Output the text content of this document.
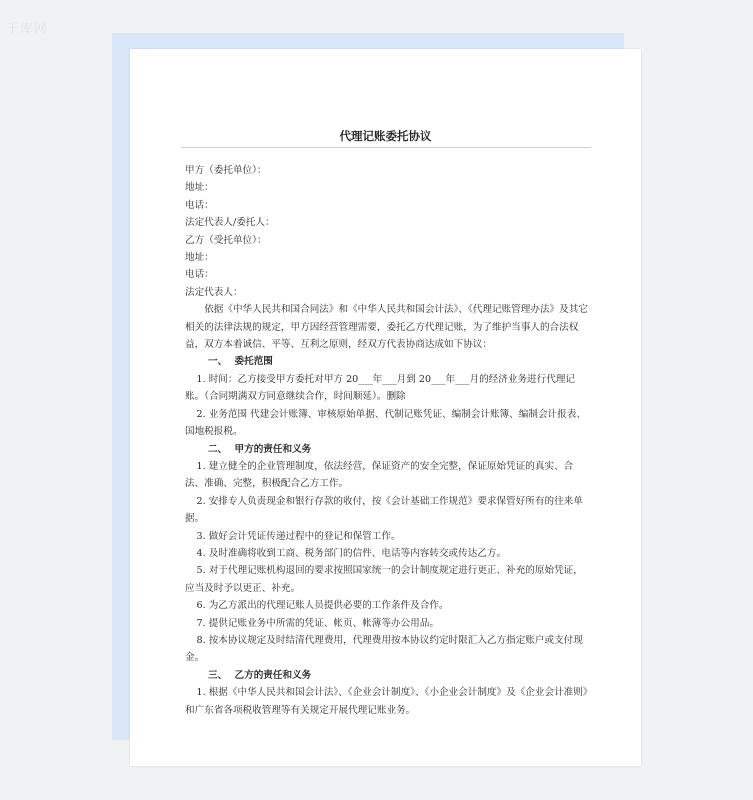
千库网
代理记账委托协议

甲方（委托单位）：

地址：

电话：

法定代表人/委托人：

乙方（受托单位）：

地址：

电话：

法定代表人：

依据《中华人民共和国合同法》和《中华人民共和国会计法》、《代理记账管理办法》及其它相关的法律法规的规定，甲方因经营管理需要，委托乙方代理记账，为了维护当事人的合法权益，双方本着诚信、平等、互利之原则，经双方代表协商达成如下协议：

一、 委托范围

1. 时间：乙方接受甲方委托对甲方 20___年___月到 20___年___月的经济业务进行代理记账。（合同期满双方同意继续合作，时间顺延）。删除

2. 业务范围 代建会计账簿、审核原始单据、代制记账凭证、编制会计账簿、编制会计报表、国地税报税。

二、 甲方的责任和义务

1. 建立健全的企业管理制度，依法经营，保证资产的安全完整，保证原始凭证的真实、合法、准确、完整，积极配合乙方工作。

2. 安排专人负责现金和银行存款的收付，按《会计基础工作规范》要求保管好所有的往来单据。

3. 做好会计凭证传递过程中的登记和保管工作。

4. 及时准确将收到工商、税务部门的信件、电话等内容转交或传达乙方。

5. 对于代理记账机构退回的要求按照国家统一的会计制度规定进行更正、补充的原始凭证，应当及时予以更正、补充。

6. 为乙方派出的代理记账人员提供必要的工作条件及合作。

7. 提供记账业务中所需的凭证、帐页、帐薄等办公用品。

8. 按本协议规定及时结清代理费用，代理费用按本协议约定时限汇入乙方指定账户或支付现金。

三、 乙方的责任和义务

1. 根据《中华人民共和国会计法》、《企业会计制度》、《小企业会计制度》及《企业会计准则》和广东省各项税收管理等有关规定开展代理记账业务。
